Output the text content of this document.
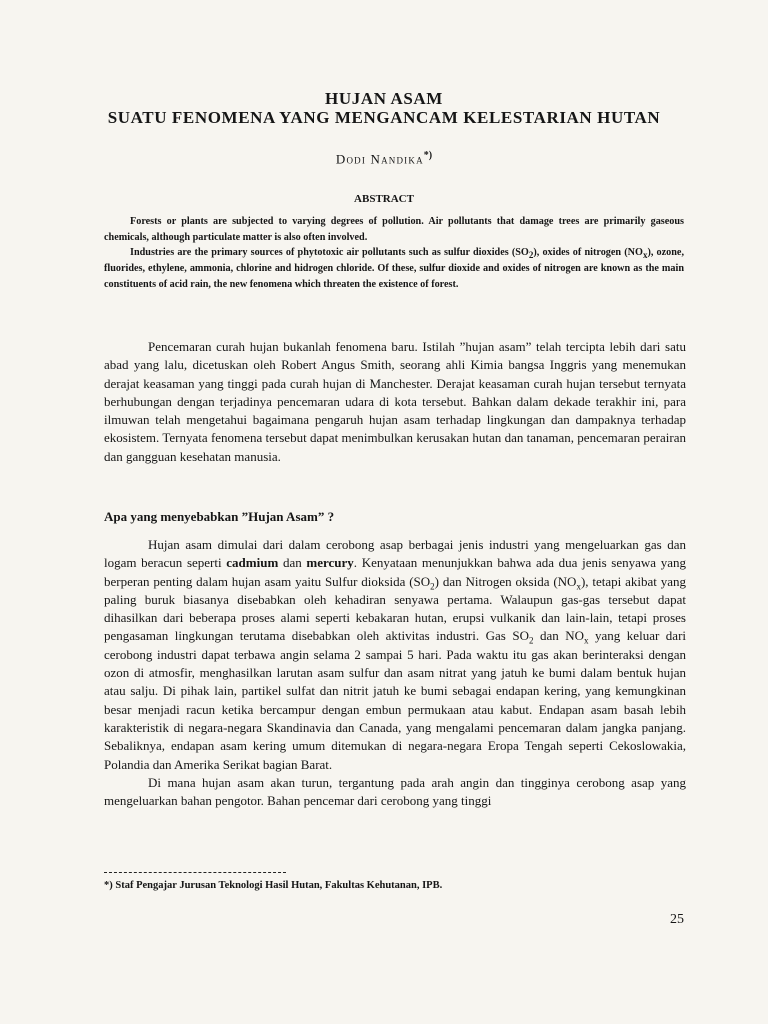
HUJAN ASAM
SUATU FENOMENA YANG MENGANCAM KELESTARIAN HUTAN
Dodi Nandika*)
ABSTRACT

Forests or plants are subjected to varying degrees of pollution. Air pollutants that damage trees are primarily gaseous chemicals, although particulate matter is also often involved.

Industries are the primary sources of phytotoxic air pollutants such as sulfur dioxides $(SO_2)$, oxides of nitrogen $(NO_x)$, ozone, fluorides, ethylene, ammonia, chlorine and hidrogen chloride. Of these, sulfur dioxide and oxides of nitrogen are known as the main constituents of acid rain, the new fenomena which threaten the existence of forest.

Pencemaran curah hujan bukanlah fenomena baru. Istilah ”hujan asam” telah tercipta lebih dari satu abad yang lalu, dicetuskan oleh Robert Angus Smith, seorang ahli Kimia bangsa Inggris yang menemukan derajat keasaman yang tinggi pada curah hujan di Manchester. Derajat keasaman curah hujan tersebut ternyata berhubungan dengan terjadinya pencemaran udara di kota tersebut. Bahkan dalam dekade terakhir ini, para ilmuwan telah mengetahui bagaimana pengaruh hujan asam terhadap lingkungan dan dampaknya terhadap ekosistem. Ternyata fenomena tersebut dapat menimbulkan kerusakan hutan dan tanaman, pencemaran perairan dan gangguan kesehatan manusia.

Apa yang menyebabkan ”Hujan Asam” ?

Hujan asam dimulai dari dalam cerobong asap berbagai jenis industri yang mengeluarkan gas dan logam beracun seperti cadmium dan mercury. Kenyataan menunjukkan bahwa ada dua jenis senyawa yang berperan penting dalam hujan asam yaitu Sulfur dioksida $(SO_2)$ dan Nitrogen oksida $(NO_x)$, tetapi akibat yang paling buruk biasanya disebabkan oleh kehadiran senyawa pertama. Walaupun gas-gas tersebut dapat dihasilkan dari beberapa proses alami seperti kebakaran hutan, erupsi vulkanik dan lain-lain, tetapi proses pengasaman lingkungan terutama disebabkan oleh aktivitas industri. Gas $SO_2$ dan $NO_x$ yang keluar dari cerobong industri dapat terbawa angin selama 2 sampai 5 hari. Pada waktu itu gas akan berinteraksi dengan ozon di atmosfir, menghasilkan larutan asam sulfur dan asam nitrat yang jatuh ke bumi dalam bentuk hujan atau salju. Di pihak lain, partikel sulfat dan nitrit jatuh ke bumi sebagai endapan kering, yang kemungkinan besar menjadi racun ketika bercampur dengan embun permukaan atau kabut. Endapan asam basah lebih karakteristik di negara-negara Skandinavia dan Canada, yang mengalami pencemaran dalam jangka panjang. Sebaliknya, endapan asam kering umum ditemukan di negara-negara Eropa Tengah seperti Cekoslowakia, Polandia dan Amerika Serikat bagian Barat.

Di mana hujan asam akan turun, tergantung pada arah angin dan tingginya cerobong asap yang mengeluarkan bahan pengotor. Bahan pencemar dari cerobong yang tinggi

*) Staf Pengajar Jurusan Teknologi Hasil Hutan, Fakultas Kehutanan, IPB.
25
